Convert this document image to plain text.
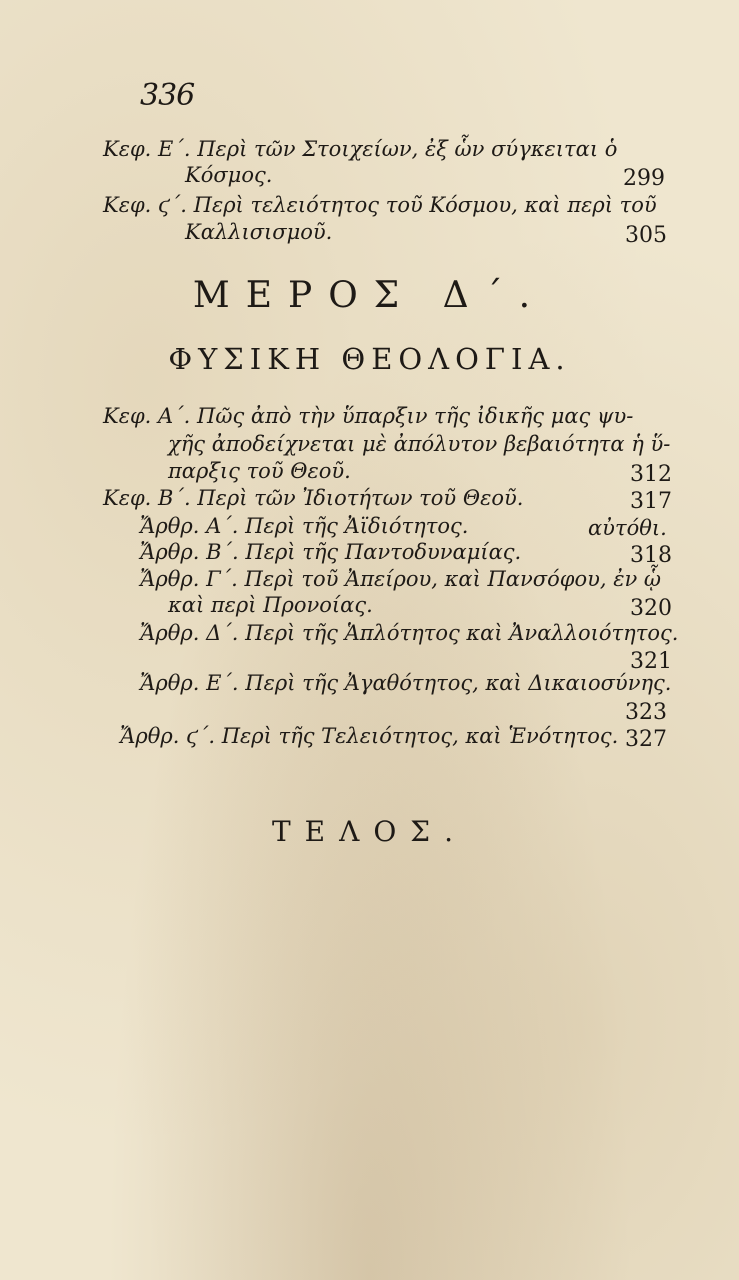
336
Κεφ. Ε΄. Περὶ τῶν Στοιχείων, ἐξ ὧν σύγκειται ὁ
Κόσμος.	299
Κεφ. ϛ΄. Περὶ τελειότητος τοῦ Κόσμου, καὶ περὶ τοῦ
Καλλισισμοῦ.	305
ΜΕΡΟΣ Δ΄.
ΦΥΣΙΚΗ ΘΕΟΛΟΓΙΑ.
Κεφ. Α΄. Πῶς ἀπὸ τὴν ὕπαρξιν τῆς ἰδικῆς μας ψυ-
χῆς ἀποδείχνεται μὲ ἀπόλυτον βεβαιότητα ἡ ὕ-
παρξις τοῦ Θεοῦ.	312
Κεφ. Β΄. Περὶ τῶν Ἰδιοτήτων τοῦ Θεοῦ.	317
Ἄρθρ. Α΄. Περὶ τῆς Ἀϊδιότητος.	αὐτόθι.
Ἄρθρ. Β΄. Περὶ τῆς Παντοδυναμίας.	318
Ἄρθρ. Γ΄. Περὶ τοῦ Ἀπείρου, καὶ Πανσόφου, ἐν ᾧ
καὶ περὶ Προνοίας.	320
Ἄρθρ. Δ΄. Περὶ τῆς Ἁπλότητος καὶ Ἀναλλοιότητος.
321
Ἄρθρ. Ε΄. Περὶ τῆς Ἀγαθότητος, καὶ Δικαιοσύνης.
323
Ἄρθρ. ϛ΄. Περὶ τῆς Τελειότητος, καὶ Ἑνότητος. 327
ΤΕΛΟΣ.
